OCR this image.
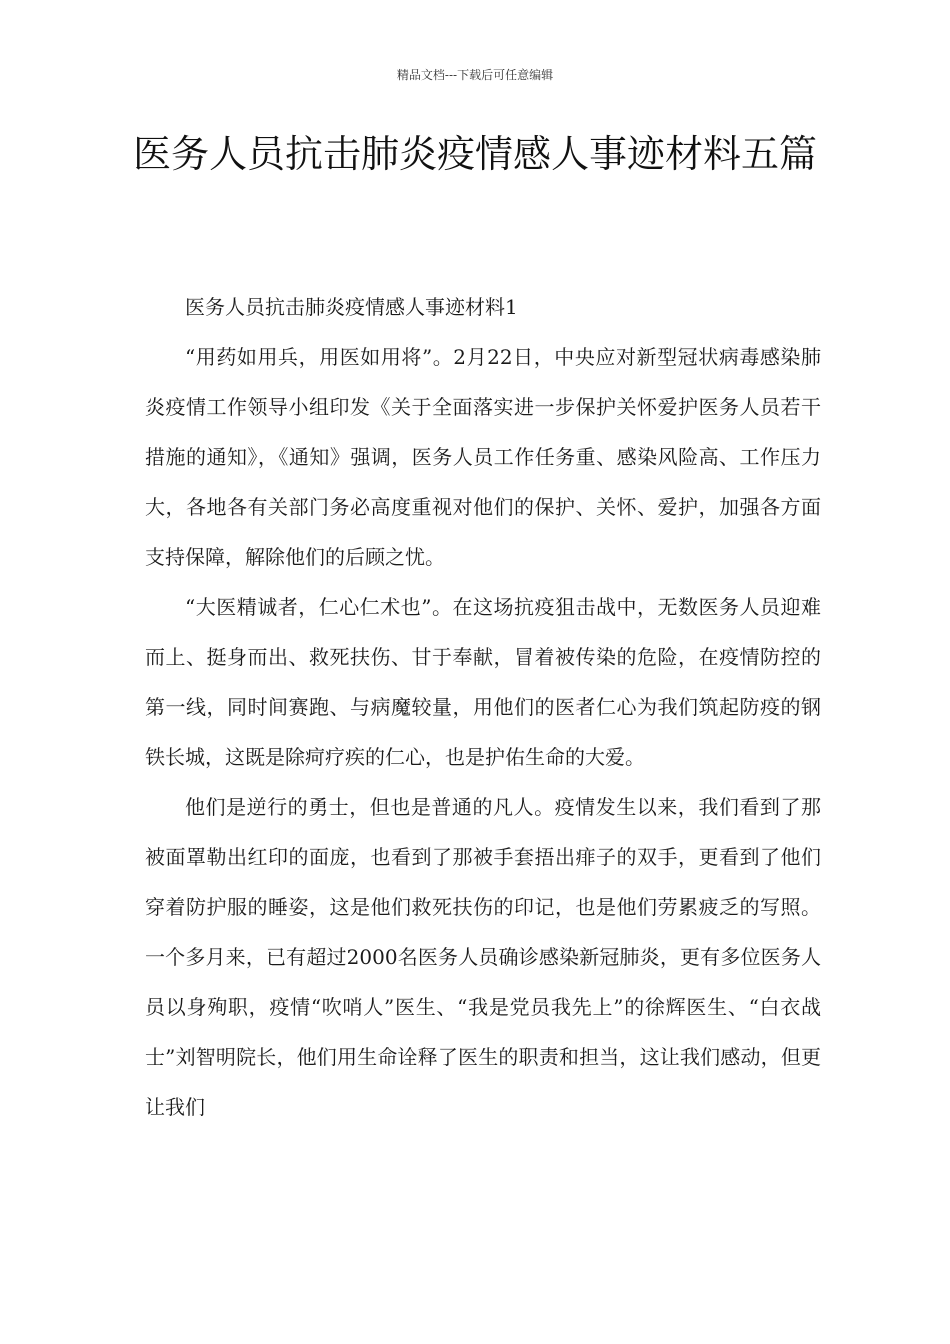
精品文档---下载后可任意编辑
医务人员抗击肺炎疫情感人事迹材料五篇

医务人员抗击肺炎疫情感人事迹材料1

“用药如用兵，用医如用将”。2月22日，中央应对新型冠状病毒感染肺炎疫情工作领导小组印发《关于全面落实进一步保护关怀爱护医务人员若干措施的通知》，《通知》强调，医务人员工作任务重、感染风险高、工作压力大，各地各有关部门务必高度重视对他们的保护、关怀、爱护，加强各方面支持保障，解除他们的后顾之忧。

“大医精诚者，仁心仁术也”。在这场抗疫狙击战中，无数医务人员迎难而上、挺身而出、救死扶伤、甘于奉献，冒着被传染的危险，在疫情防控的第一线，同时间赛跑、与病魔较量，用他们的医者仁心为我们筑起防疫的钢铁长城，这既是除疴疗疾的仁心，也是护佑生命的大爱。

他们是逆行的勇士，但也是普通的凡人。疫情发生以来，我们看到了那被面罩勒出红印的面庞，也看到了那被手套捂出痱子的双手，更看到了他们穿着防护服的睡姿，这是他们救死扶伤的印记，也是他们劳累疲乏的写照。一个多月来，已有超过2000名医务人员确诊感染新冠肺炎，更有多位医务人员以身殉职，疫情“吹哨人”医生、“我是党员我先上”的徐辉医生、“白衣战士”刘智明院长，他们用生命诠释了医生的职责和担当，这让我们感动，但更让我们
